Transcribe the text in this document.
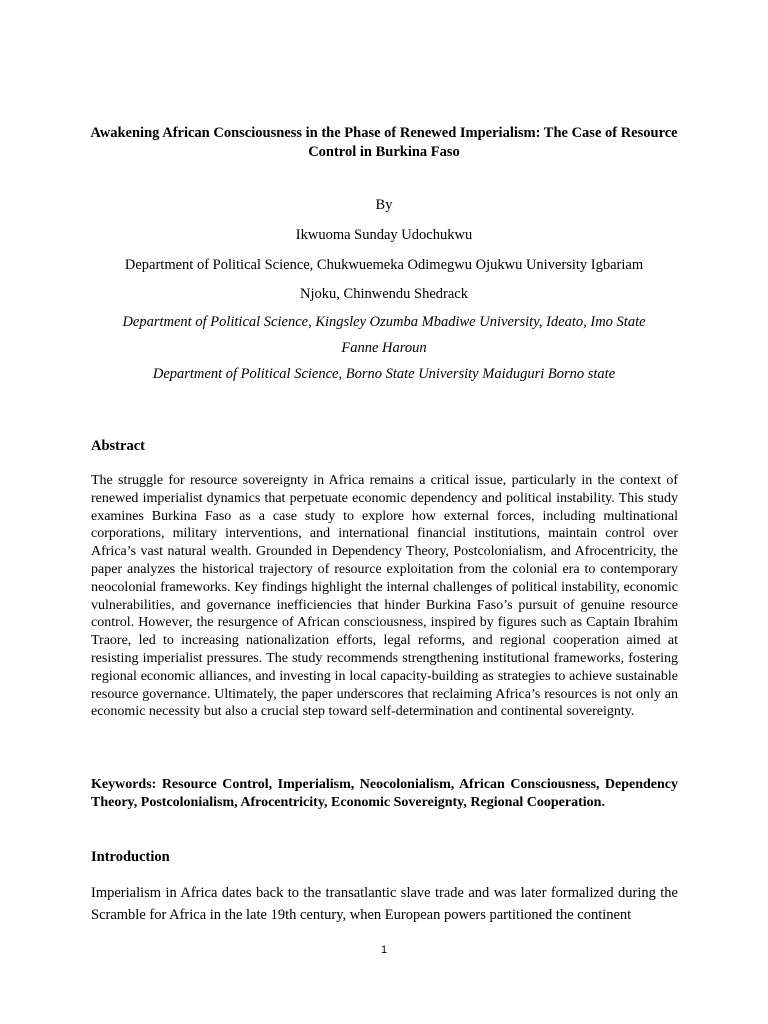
Awakening African Consciousness in the Phase of Renewed Imperialism: The Case of Resource Control in Burkina Faso
By
Ikwuoma Sunday Udochukwu
Department of Political Science, Chukwuemeka Odimegwu Ojukwu University Igbariam
Njoku, Chinwendu Shedrack
Department of Political Science, Kingsley Ozumba Mbadiwe University, Ideato, Imo State
Fanne Haroun
Department of Political Science, Borno State University Maiduguri Borno state
Abstract
The struggle for resource sovereignty in Africa remains a critical issue, particularly in the context of renewed imperialist dynamics that perpetuate economic dependency and political instability. This study examines Burkina Faso as a case study to explore how external forces, including multinational corporations, military interventions, and international financial institutions, maintain control over Africa’s vast natural wealth. Grounded in Dependency Theory, Postcolonialism, and Afrocentricity, the paper analyzes the historical trajectory of resource exploitation from the colonial era to contemporary neocolonial frameworks. Key findings highlight the internal challenges of political instability, economic vulnerabilities, and governance inefficiencies that hinder Burkina Faso’s pursuit of genuine resource control. However, the resurgence of African consciousness, inspired by figures such as Captain Ibrahim Traore, led to increasing nationalization efforts, legal reforms, and regional cooperation aimed at resisting imperialist pressures. The study recommends strengthening institutional frameworks, fostering regional economic alliances, and investing in local capacity-building as strategies to achieve sustainable resource governance. Ultimately, the paper underscores that reclaiming Africa’s resources is not only an economic necessity but also a crucial step toward self-determination and continental sovereignty.
Keywords: Resource Control, Imperialism, Neocolonialism, African Consciousness, Dependency Theory, Postcolonialism, Afrocentricity, Economic Sovereignty, Regional Cooperation.
Introduction
Imperialism in Africa dates back to the transatlantic slave trade and was later formalized during the Scramble for Africa in the late 19th century, when European powers partitioned the continent
1
